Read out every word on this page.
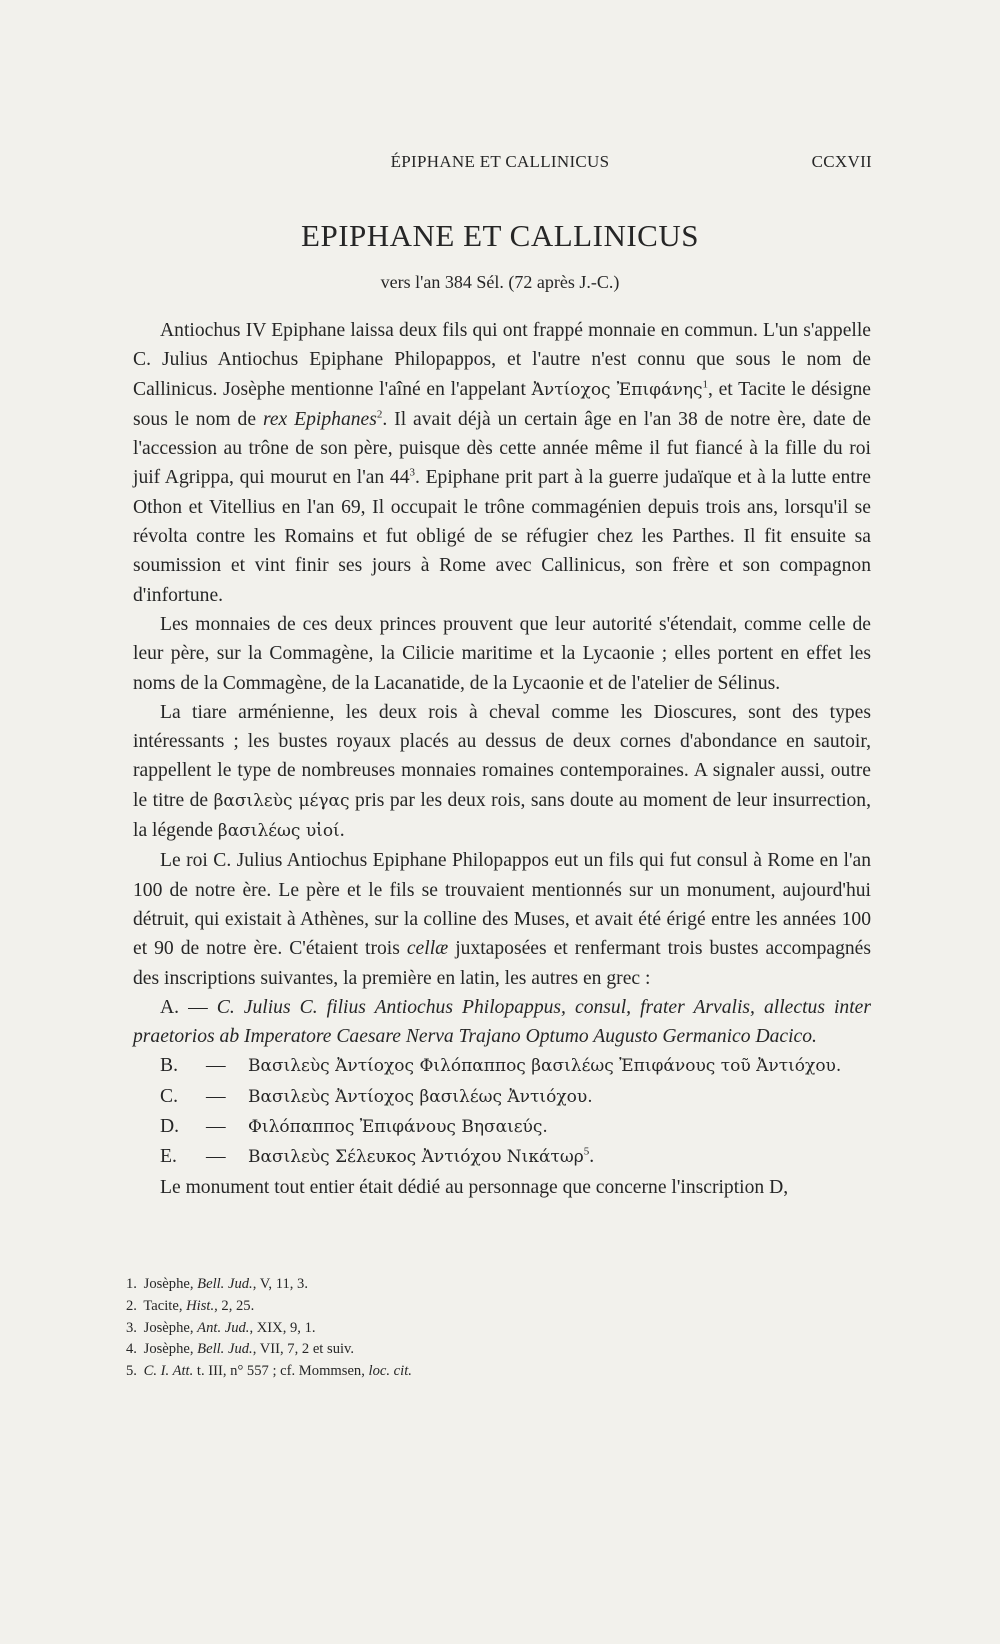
ÉPIPHANE ET CALLINICUS	CCXVII
EPIPHANE ET CALLINICUS
vers l'an 384 Sél. (72 après J.-C.)

Antiochus IV Epiphane laissa deux fils qui ont frappé monnaie en commun. L'un s'appelle C. Julius Antiochus Epiphane Philopappos, et l'autre n'est connu que sous le nom de Callinicus. Josèphe mentionne l'aîné en l'appelant Ἀντίοχος Ἐπιφάνης$^1$, et Tacite le désigne sous le nom de rex Epiphanes$^2$. Il avait déjà un certain âge en l'an 38 de notre ère, date de l'accession au trône de son père, puisque dès cette année même il fut fiancé à la fille du roi juif Agrippa, qui mourut en l'an $44^3$. Epiphane prit part à la guerre judaïque et à la lutte entre Othon et Vitellius en l'an 69, Il occupait le trône commagénien depuis trois ans, lorsqu'il se révolta contre les Romains et fut obligé de se réfugier chez les Parthes. Il fit ensuite sa soumission et vint finir ses jours à Rome avec Callinicus, son frère et son compagnon d'infortune.

Les monnaies de ces deux princes prouvent que leur autorité s'étendait, comme celle de leur père, sur la Commagène, la Cilicie maritime et la Lycaonie ; elles portent en effet les noms de la Commagène, de la Lacanatide, de la Lycaonie et de l'atelier de Sélinus.

La tiare arménienne, les deux rois à cheval comme les Dioscures, sont des types intéressants ; les bustes royaux placés au dessus de deux cornes d'abondance en sautoir, rappellent le type de nombreuses monnaies romaines contemporaines. A signaler aussi, outre le titre de βασιλεὺς μέγας pris par les deux rois, sans doute au moment de leur insurrection, la légende βασιλέως υἱοί.

Le roi C. Julius Antiochus Epiphane Philopappos eut un fils qui fut consul à Rome en l'an 100 de notre ère. Le père et le fils se trouvaient mentionnés sur un monument, aujourd'hui détruit, qui existait à Athènes, sur la colline des Muses, et avait été érigé entre les années 100 et 90 de notre ère. C'étaient trois cellæ juxtaposées et renfermant trois bustes accompagnés des inscriptions suivantes, la première en latin, les autres en grec :

A. — C. Julius C. filius Antiochus Philopappus, consul, frater Arvalis, allectus inter praetorios ab Imperatore Caesare Nerva Trajano Optumo Augusto Germanico Dacico.

B. — Βασιλεὺς Ἀντίοχος Φιλόπαππος βασιλέως Ἐπιφάνους τοῦ Ἀντιόχου.

C. — Βασιλεὺς Ἀντίοχος βασιλέως Ἀντιόχου.

D. — Φιλόπαππος Ἐπιφάνους Βησαιεύς.

E. — Βασιλεὺς Σέλευκος Ἀντιόχου Νικάτωρ$^5$.

Le monument tout entier était dédié au personnage que concerne l'inscription D,

1. Josèphe, Bell. Jud., V, 11, 3.

2. Tacite, Hist., 2, 25.

3. Josèphe, Ant. Jud., XIX, 9, 1.

4. Josèphe, Bell. Jud., VII, 7, 2 et suiv.

5. C. I. Att. t. III, n° 557 ; cf. Mommsen, loc. cit.
